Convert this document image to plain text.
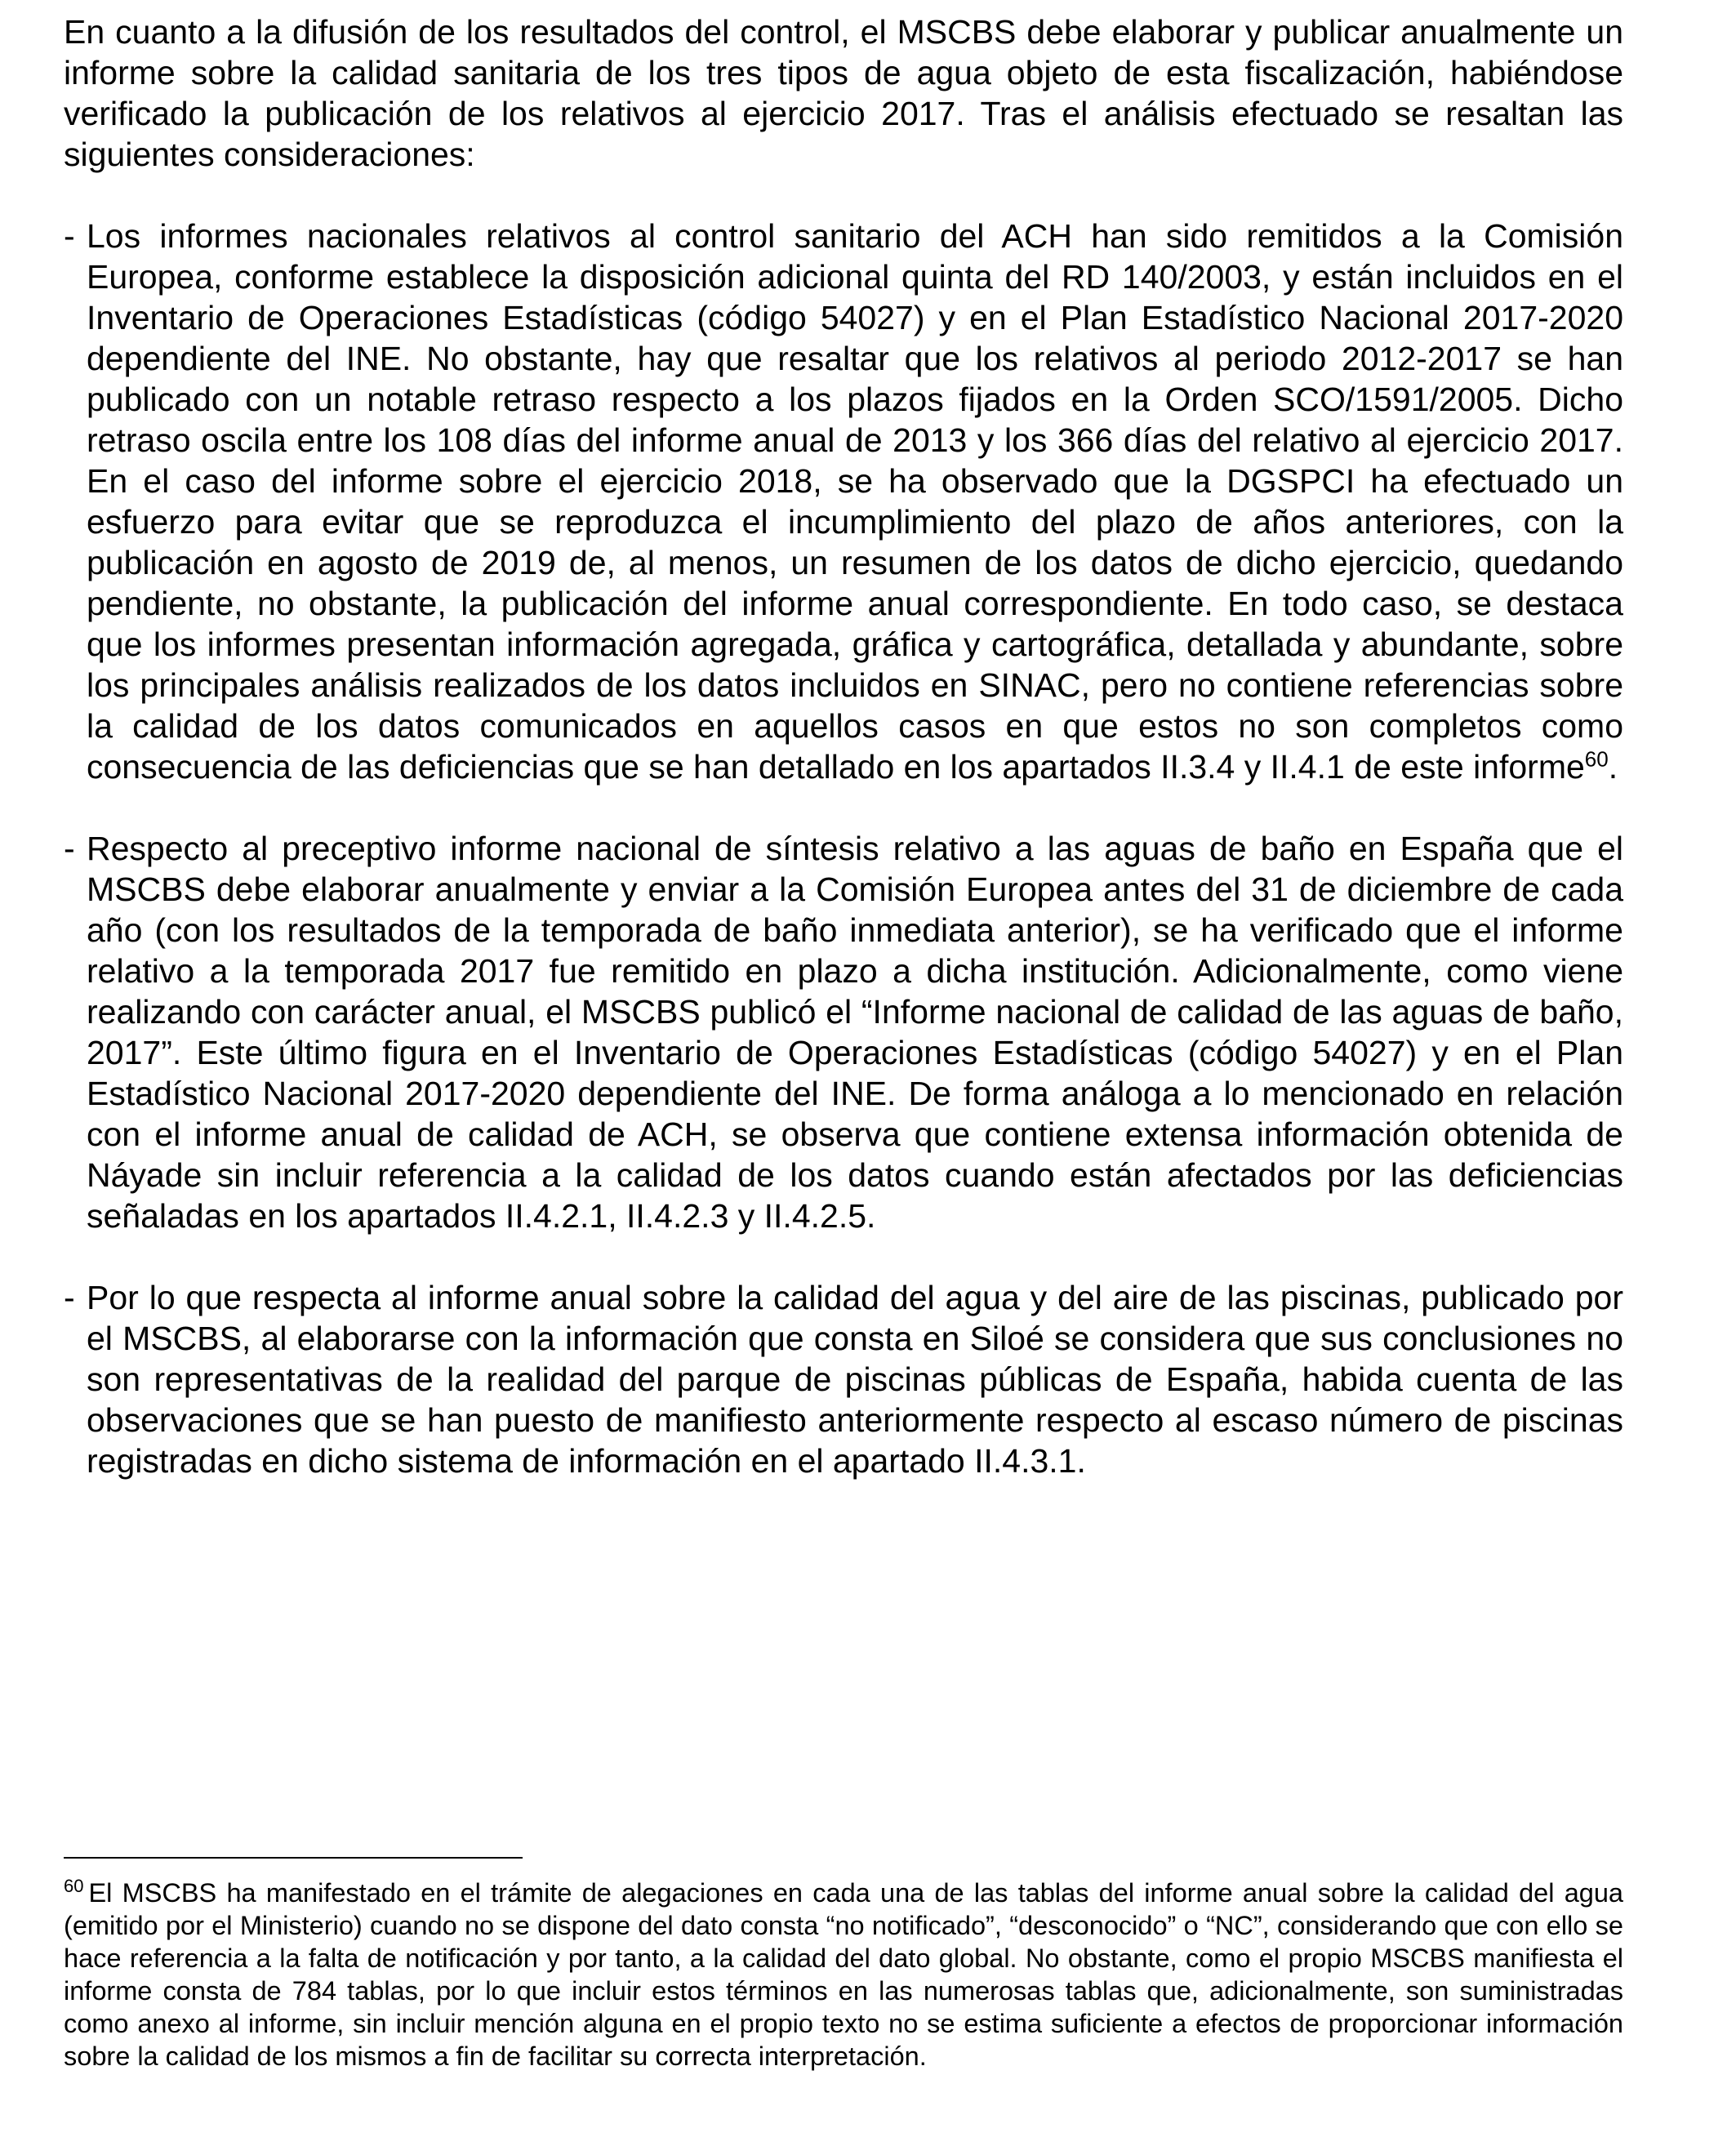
En cuanto a la difusión de los resultados del control, el MSCBS debe elaborar y publicar anualmente un informe sobre la calidad sanitaria de los tres tipos de agua objeto de esta fiscalización, habiéndose verificado la publicación de los relativos al ejercicio 2017. Tras el análisis efectuado se resaltan las siguientes consideraciones:

- Los informes nacionales relativos al control sanitario del ACH han sido remitidos a la Comisión Europea, conforme establece la disposición adicional quinta del RD 140/2003, y están incluidos en el Inventario de Operaciones Estadísticas (código 54027) y en el Plan Estadístico Nacional 2017-2020 dependiente del INE. No obstante, hay que resaltar que los relativos al periodo 2012-2017 se han publicado con un notable retraso respecto a los plazos fijados en la Orden SCO/1591/2005. Dicho retraso oscila entre los 108 días del informe anual de 2013 y los 366 días del relativo al ejercicio 2017. En el caso del informe sobre el ejercicio 2018, se ha observado que la DGSPCI ha efectuado un esfuerzo para evitar que se reproduzca el incumplimiento del plazo de años anteriores, con la publicación en agosto de 2019 de, al menos, un resumen de los datos de dicho ejercicio, quedando pendiente, no obstante, la publicación del informe anual correspondiente. En todo caso, se destaca que los informes presentan información agregada, gráfica y cartográfica, detallada y abundante, sobre los principales análisis realizados de los datos incluidos en SINAC, pero no contiene referencias sobre la calidad de los datos comunicados en aquellos casos en que estos no son completos como consecuencia de las deficiencias que se han detallado en los apartados II.3.4 y II.4.1 de este informe$^{60}$.
- Respecto al preceptivo informe nacional de síntesis relativo a las aguas de baño en España que el MSCBS debe elaborar anualmente y enviar a la Comisión Europea antes del 31 de diciembre de cada año (con los resultados de la temporada de baño inmediata anterior), se ha verificado que el informe relativo a la temporada 2017 fue remitido en plazo a dicha institución. Adicionalmente, como viene realizando con carácter anual, el MSCBS publicó el “Informe nacional de calidad de las aguas de baño, 2017”. Este último figura en el Inventario de Operaciones Estadísticas (código 54027) y en el Plan Estadístico Nacional 2017-2020 dependiente del INE. De forma análoga a lo mencionado en relación con el informe anual de calidad de ACH, se observa que contiene extensa información obtenida de Náyade sin incluir referencia a la calidad de los datos cuando están afectados por las deficiencias señaladas en los apartados II.4.2.1, II.4.2.3 y II.4.2.5.
- Por lo que respecta al informe anual sobre la calidad del agua y del aire de las piscinas, publicado por el MSCBS, al elaborarse con la información que consta en Siloé se considera que sus conclusiones no son representativas de la realidad del parque de piscinas públicas de España, habida cuenta de las observaciones que se han puesto de manifiesto anteriormente respecto al escaso número de piscinas registradas en dicho sistema de información en el apartado II.4.3.1.

$^{60}$ El MSCBS ha manifestado en el trámite de alegaciones en cada una de las tablas del informe anual sobre la calidad del agua (emitido por el Ministerio) cuando no se dispone del dato consta “no notificado”, “desconocido” o “NC”, considerando que con ello se hace referencia a la falta de notificación y por tanto, a la calidad del dato global. No obstante, como el propio MSCBS manifiesta el informe consta de 784 tablas, por lo que incluir estos términos en las numerosas tablas que, adicionalmente, son suministradas como anexo al informe, sin incluir mención alguna en el propio texto no se estima suficiente a efectos de proporcionar información sobre la calidad de los mismos a fin de facilitar su correcta interpretación.
